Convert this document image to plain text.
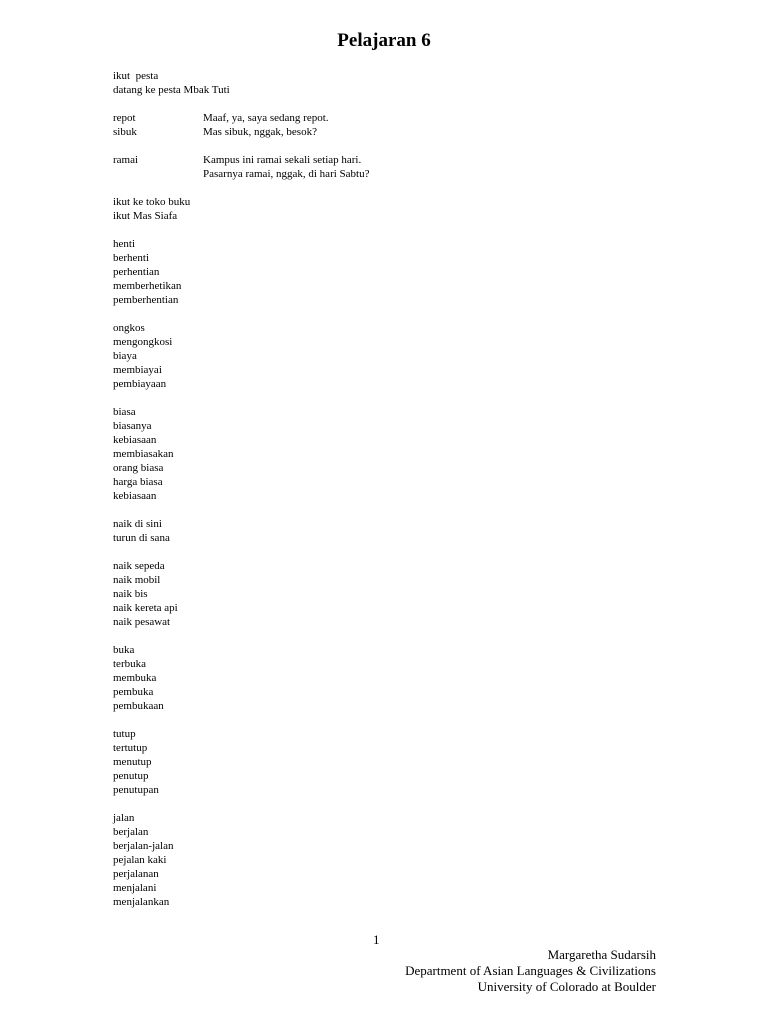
Pelajaran 6
ikut  pesta
datang ke pesta Mbak Tuti
repot	Maaf, ya, saya sedang repot.
sibuk	Mas sibuk, nggak, besok?
ramai	Kampus ini ramai sekali setiap hari.
Pasarnya ramai, nggak, di hari Sabtu?
ikut ke toko buku
ikut Mas Siafa
henti
berhenti
perhentian
memberhetikan
pemberhentian
ongkos
mengongkosi
biaya
membiayai
pembiayaan
biasa
biasanya
kebiasaan
membiasakan
orang biasa
harga biasa
kebiasaan
naik di sini
turun di sana
naik sepeda
naik mobil
naik bis
naik kereta api
naik pesawat
buka
terbuka
membuka
pembuka
pembukaan
tutup
tertutup
menutup
penutup
penutupan
jalan
berjalan
berjalan-jalan
pejalan kaki
perjalanan
menjalani
menjalankan
1
Margaretha Sudarsih
Department of Asian Languages & Civilizations
University of Colorado at Boulder
